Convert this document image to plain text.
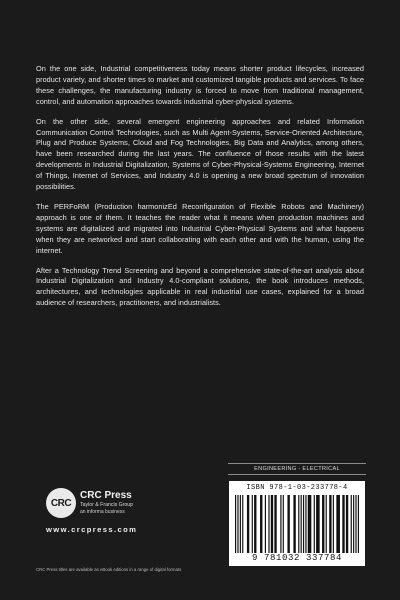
On the one side, Industrial competitiveness today means shorter product lifecycles, increased product variety, and shorter times to market and customized tangible products and services. To face these challenges, the manufacturing industry is forced to move from traditional management, control, and automation approaches towards industrial cyber-physical systems.

On the other side, several emergent engineering approaches and related Information Communication Control Technologies, such as Multi Agent-Systems, Service-Oriented Architecture, Plug and Produce Systems, Cloud and Fog Technologies, Big Data and Analytics, among others, have been researched during the last years. The confluence of those results with the latest developments in Industrial Digitalization, Systems of Cyber-Physical-Systems Engineering, Internet of Things, Internet of Services, and Industry 4.0 is opening a new broad spectrum of innovation possibilities.

The PERFoRM (Production harmonizEd Reconfiguration of Flexible Robots and Machinery) approach is one of them. It teaches the reader what it means when production machines and systems are digitalized and migrated into Industrial Cyber-Physical Systems and what happens when they are networked and start collaborating with each other and with the human, using the internet.

After a Technology Trend Screening and beyond a comprehensive state-of-the-art analysis about Industrial Digitalization and Industry 4.0-compliant solutions, the book introduces methods, architectures, and technologies applicable in real industrial use cases, explained for a broad audience of researchers, practitioners, and industrialists.

ENGINEERING - ELECTRICAL
ISBN 978-1-03-233778-4
9 781032 337784
CRC
CRC Press
Taylor & Francis Group
an informa business
www.crcpress.com
CRC Press titles are available as eBook editions in a range of digital formats
